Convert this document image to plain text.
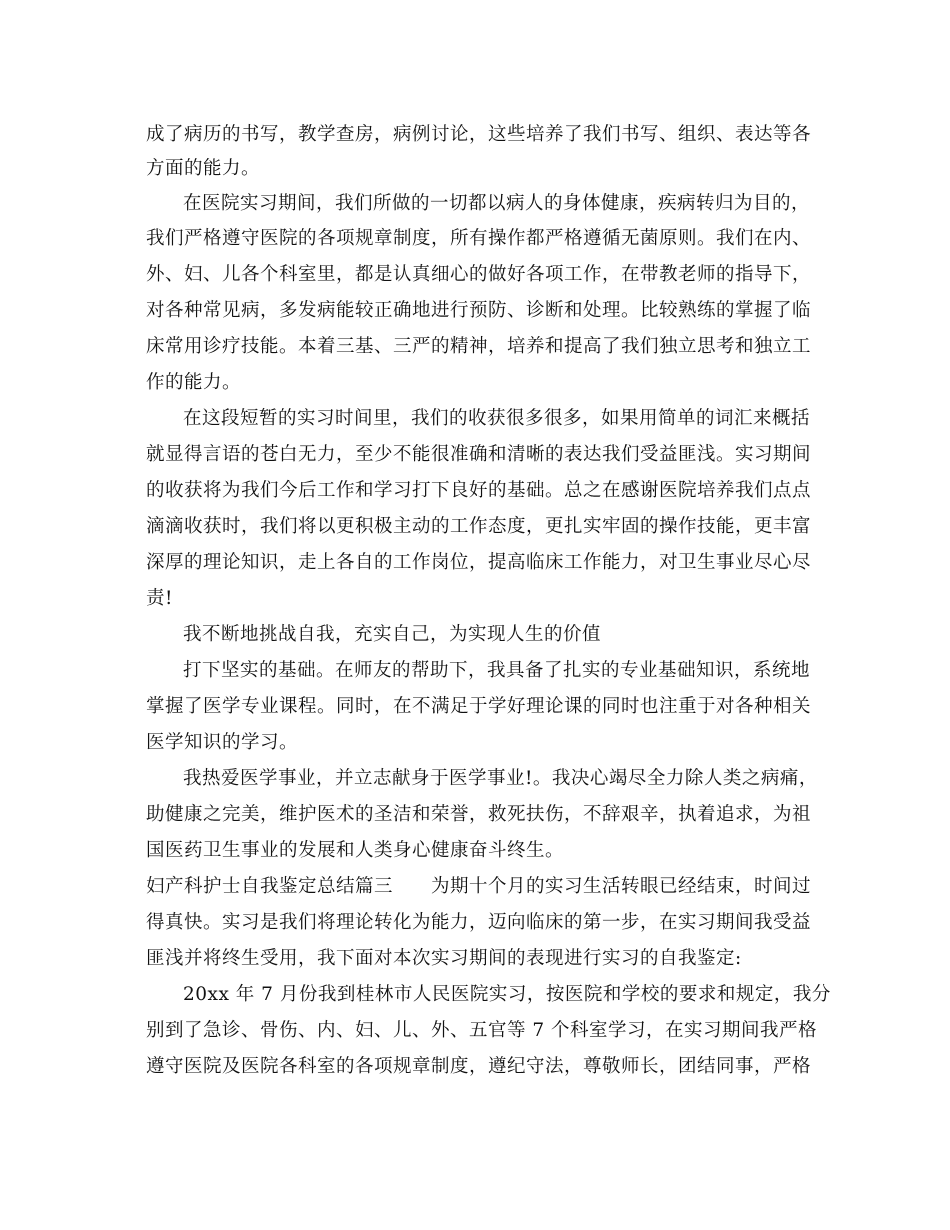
成了病历的书写，教学查房，病例讨论，这些培养了我们书写、组织、表达等各
方面的能力。
在医院实习期间，我们所做的一切都以病人的身体健康，疾病转归为目的，
我们严格遵守医院的各项规章制度，所有操作都严格遵循无菌原则。我们在内、
外、妇、儿各个科室里，都是认真细心的做好各项工作，在带教老师的指导下，
对各种常见病，多发病能较正确地进行预防、诊断和处理。比较熟练的掌握了临
床常用诊疗技能。本着三基、三严的精神，培养和提高了我们独立思考和独立工
作的能力。
在这段短暂的实习时间里，我们的收获很多很多，如果用简单的词汇来概括
就显得言语的苍白无力，至少不能很准确和清晰的表达我们受益匪浅。实习期间
的收获将为我们今后工作和学习打下良好的基础。总之在感谢医院培养我们点点
滴滴收获时，我们将以更积极主动的工作态度，更扎实牢固的操作技能，更丰富
深厚的理论知识，走上各自的工作岗位，提高临床工作能力，对卫生事业尽心尽
责!
我不断地挑战自我，充实自己，为实现人生的价值
打下坚实的基础。在师友的帮助下，我具备了扎实的专业基础知识，系统地
掌握了医学专业课程。同时，在不满足于学好理论课的同时也注重于对各种相关
医学知识的学习。
我热爱医学事业，并立志献身于医学事业!。我决心竭尽全力除人类之病痛，
助健康之完美，维护医术的圣洁和荣誉，救死扶伤，不辞艰辛，执着追求，为祖
国医药卫生事业的发展和人类身心健康奋斗终生。
妇产科护士自我鉴定总结篇三　　为期十个月的实习生活转眼已经结束，时间过
得真快。实习是我们将理论转化为能力，迈向临床的第一步，在实习期间我受益
匪浅并将终生受用，我下面对本次实习期间的表现进行实习的自我鉴定:
20xx 年 7 月份我到桂林市人民医院实习，按医院和学校的要求和规定，我分
别到了急诊、骨伤、内、妇、儿、外、五官等 7 个科室学习，在实习期间我严格
遵守医院及医院各科室的各项规章制度，遵纪守法，尊敬师长，团结同事，严格
